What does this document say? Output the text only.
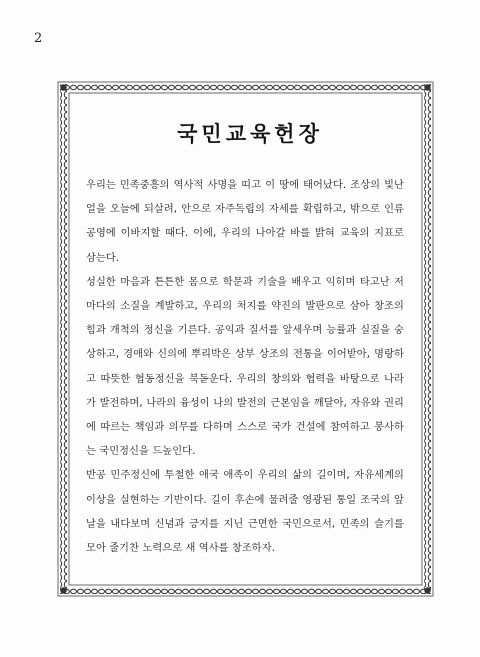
2
국민교육헌장

우리는 민족중흥의 역사적 사명을 띠고 이 땅에 태어났다. 조상의 빛난 얼을 오늘에 되살려, 안으로 자주독립의 자세를 확립하고, 밖으로 인류공영에 이바지할 때다. 이에, 우리의 나아갈 바를 밝혀 교육의 지표로 삼는다.

성실한 마음과 튼튼한 몸으로 학문과 기술을 배우고 익히며 타고난 저마다의 소질을 계발하고, 우리의 처지를 약진의 발판으로 삼아 창조의 힘과 개척의 정신을 기른다. 공익과 질서를 앞세우며 능률과 실질을 숭상하고, 경애와 신의에 뿌리박은 상부 상조의 전통을 이어받아, 명랑하고 따뜻한 협동정신을 북돋운다. 우리의 창의와 협력을 바탕으로 나라가 발전하며, 나라의 융성이 나의 발전의 근본임을 깨달아, 자유와 권리에 따르는 책임과 의무를 다하며 스스로 국가 건설에 참여하고 봉사하는 국민정신을 드높인다.

반공 민주정신에 투철한 애국 애족이 우리의 삶의 길이며, 자유세계의 이상을 실현하는 기반이다. 길이 후손에 물려줄 영광된 통일 조국의 앞날을 내다보며 신념과 긍지를 지닌 근면한 국민으로서, 민족의 슬기를 모아 줄기찬 노력으로 새 역사를 창조하자.
